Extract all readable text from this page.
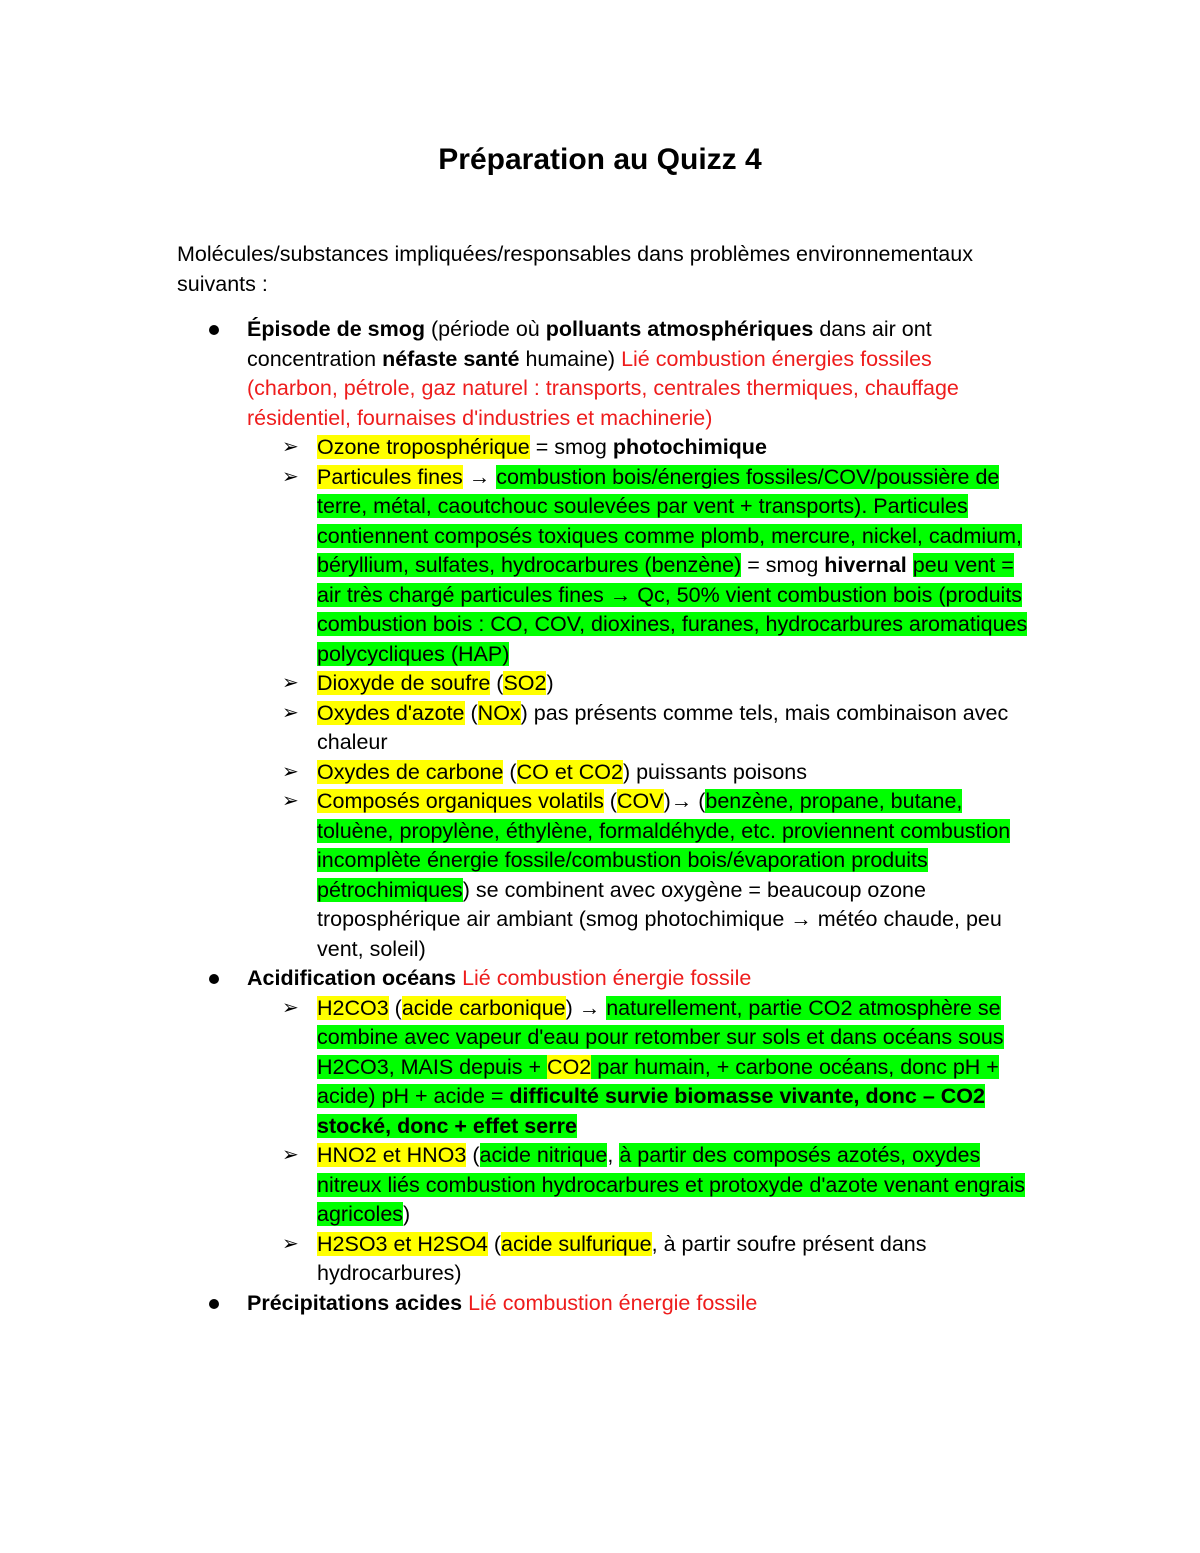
Préparation au Quizz 4
Molécules/substances impliquées/responsables dans problèmes environnementaux suivants :
Épisode de smog (période où polluants atmosphériques dans air ont concentration néfaste santé humaine) Lié combustion énergies fossiles (charbon, pétrole, gaz naturel : transports, centrales thermiques, chauffage résidentiel, fournaises d'industries et machinerie)
➢ Ozone troposphérique = smog photochimique
➢ Particules fines → combustion bois/énergies fossiles/COV/poussière de terre, métal, caoutchouc soulevées par vent + transports). Particules contiennent composés toxiques comme plomb, mercure, nickel, cadmium, béryllium, sulfates, hydrocarbures (benzène) = smog hivernal peu vent = air très chargé particules fines → Qc, 50% vient combustion bois (produits combustion bois : CO, COV, dioxines, furanes, hydrocarbures aromatiques polycycliques (HAP)
➢ Dioxyde de soufre (SO2)
➢ Oxydes d'azote (NOx) pas présents comme tels, mais combinaison avec chaleur
➢ Oxydes de carbone (CO et CO2) puissants poisons
➢ Composés organiques volatils (COV)→ (benzène, propane, butane, toluène, propylène, éthylène, formaldéhyde, etc. proviennent combustion incomplète énergie fossile/combustion bois/évaporation produits pétrochimiques) se combinent avec oxygène = beaucoup ozone troposphérique air ambiant (smog photochimique → météo chaude, peu vent, soleil)
Acidification océans Lié combustion énergie fossile
➢ H2CO3 (acide carbonique) → naturellement, partie CO2 atmosphère se combine avec vapeur d'eau pour retomber sur sols et dans océans sous H2CO3, MAIS depuis + CO2 par humain, + carbone océans, donc pH + acide) pH + acide = difficulté survie biomasse vivante, donc – CO2 stocké, donc + effet serre
➢ HNO2 et HNO3 (acide nitrique, à partir des composés azotés, oxydes nitreux liés combustion hydrocarbures et protoxyde d'azote venant engrais agricoles)
➢ H2SO3 et H2SO4 (acide sulfurique, à partir soufre présent dans hydrocarbures)
Précipitations acides Lié combustion énergie fossile
